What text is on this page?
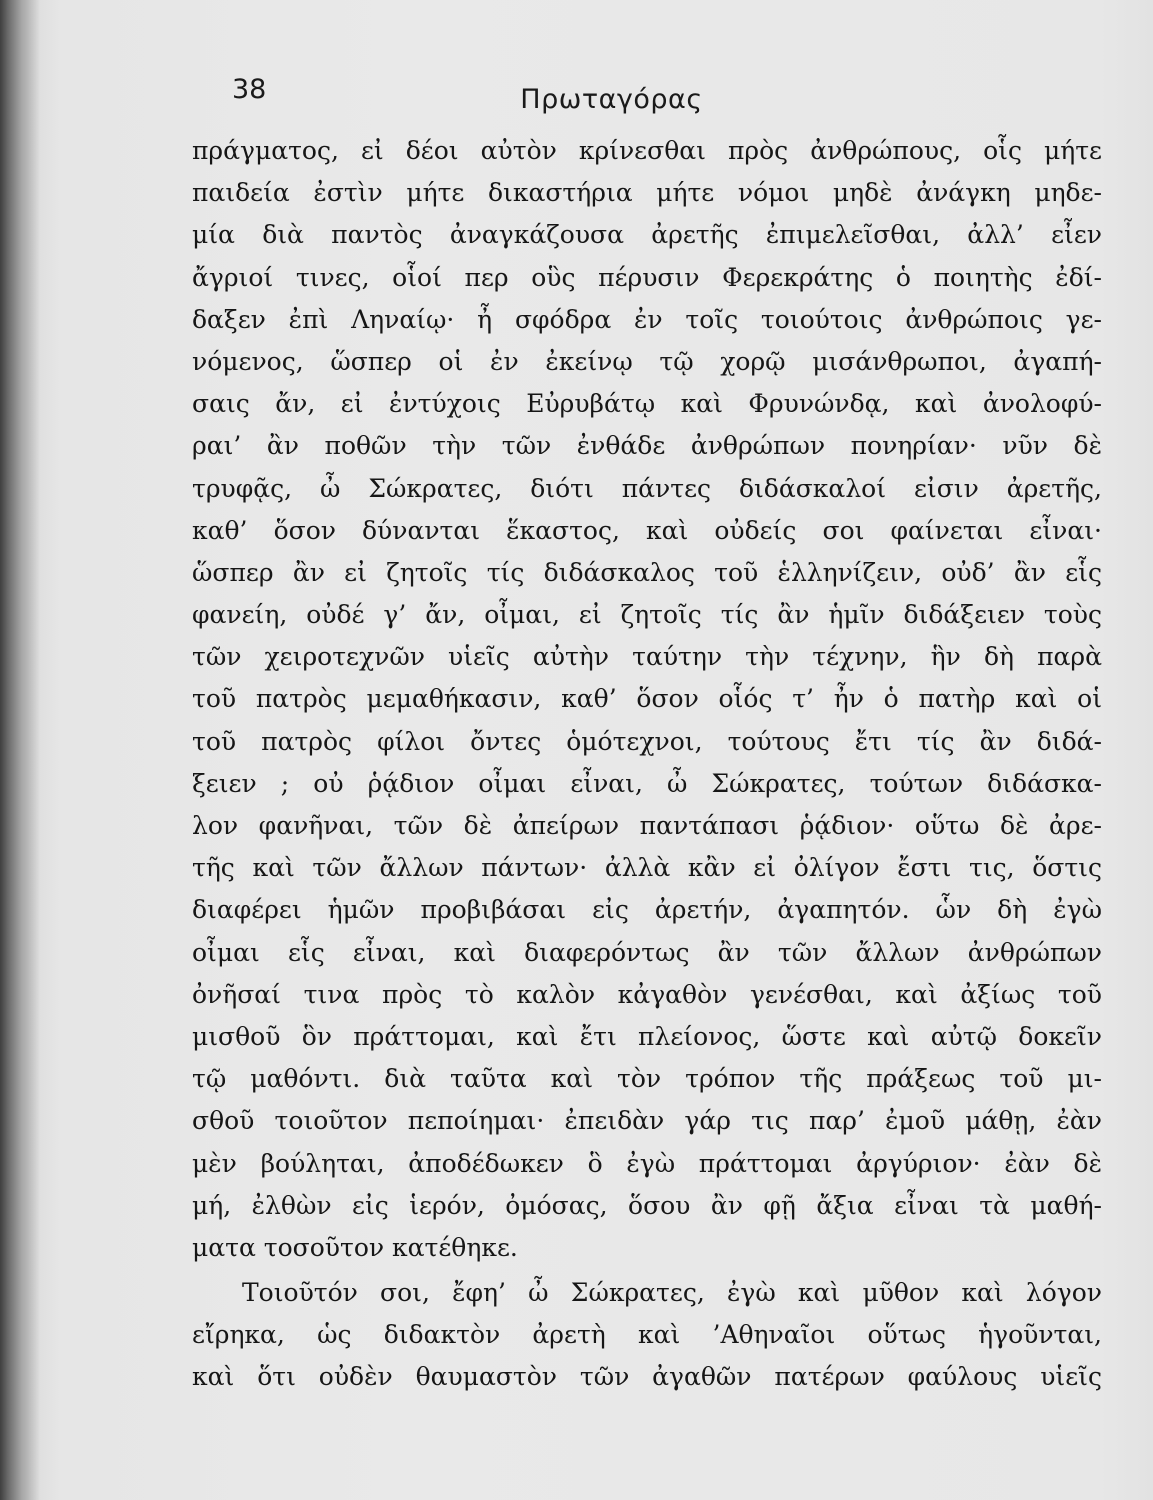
38	Πρωταγόρας
πράγματος, εἰ δέοι αὐτὸν κρίνεσθαι πρὸς ἀνθρώπους, οἷς μήτε
παιδεία ἐστὶν μήτε δικαστήρια μήτε νόμοι μηδὲ ἀνάγκη μηδε-
μία διὰ παντὸς ἀναγκάζουσα ἀρετῆς ἐπιμελεῖσθαι, ἀλλ’ εἶεν
ἄγριοί τινες, οἷοί περ οὓς πέρυσιν Φερεκράτης ὁ ποιητὴς ἐδί-
δαξεν ἐπὶ Ληναίῳ· ἦ σφόδρα ἐν τοῖς τοιούτοις ἀνθρώποις γε-
νόμενος, ὥσπερ οἱ ἐν ἐκείνῳ τῷ χορῷ μισάνθρωποι, ἀγαπή-
σαις ἄν, εἰ ἐντύχοις Εὐρυβάτῳ καὶ Φρυνώνδᾳ, καὶ ἀνολοφύ-
ραι’ ἂν ποθῶν τὴν τῶν ἐνθάδε ἀνθρώπων πονηρίαν· νῦν δὲ
τρυφᾷς, ὦ Σώκρατες, διότι πάντες διδάσκαλοί εἰσιν ἀρετῆς,
καθ’ ὅσον δύνανται ἕκαστος, καὶ οὐδείς σοι φαίνεται εἶναι·
ὥσπερ ἂν εἰ ζητοῖς τίς διδάσκαλος τοῦ ἑλληνίζειν, οὐδ’ ἂν εἷς
φανείη, οὐδέ γ’ ἄν, οἶμαι, εἰ ζητοῖς τίς ἂν ἡμῖν διδάξειεν τοὺς
τῶν χειροτεχνῶν υἱεῖς αὐτὴν ταύτην τὴν τέχνην, ἣν δὴ παρὰ
τοῦ πατρὸς μεμαθήκασιν, καθ’ ὅσον οἷός τ’ ἦν ὁ πατὴρ καὶ οἱ
τοῦ πατρὸς φίλοι ὄντες ὁμότεχνοι, τούτους ἔτι τίς ἂν διδά-
ξειεν ; οὐ ῥᾴδιον οἶμαι εἶναι, ὦ Σώκρατες, τούτων διδάσκα-
λον φανῆναι, τῶν δὲ ἀπείρων παντάπασι ῥᾴδιον· οὕτω δὲ ἀρε-
τῆς καὶ τῶν ἄλλων πάντων· ἀλλὰ κἂν εἰ ὀλίγον ἔστι τις, ὅστις
διαφέρει ἡμῶν προβιβάσαι εἰς ἀρετήν, ἀγαπητόν. ὧν δὴ ἐγὼ
οἶμαι εἷς εἶναι, καὶ διαφερόντως ἂν τῶν ἄλλων ἀνθρώπων
ὀνῆσαί τινα πρὸς τὸ καλὸν κἀγαθὸν γενέσθαι, καὶ ἀξίως τοῦ
μισθοῦ ὃν πράττομαι, καὶ ἔτι πλείονος, ὥστε καὶ αὐτῷ δοκεῖν
τῷ μαθόντι. διὰ ταῦτα καὶ τὸν τρόπον τῆς πράξεως τοῦ μι-
σθοῦ τοιοῦτον πεποίημαι· ἐπειδὰν γάρ τις παρ’ ἐμοῦ μάθῃ, ἐὰν
μὲν βούληται, ἀποδέδωκεν ὃ ἐγὼ πράττομαι ἀργύριον· ἐὰν δὲ
μή, ἐλθὼν εἰς ἱερόν, ὀμόσας, ὅσου ἂν φῇ ἄξια εἶναι τὰ μαθή-
ματα τοσοῦτον κατέθηκε.
Τοιοῦτόν σοι, ἔφη’ ὦ Σώκρατες, ἐγὼ καὶ μῦθον καὶ λόγον
εἴρηκα, ὡς διδακτὸν ἀρετὴ καὶ ’Αθηναῖοι οὕτως ἡγοῦνται,
καὶ ὅτι οὐδὲν θαυμαστὸν τῶν ἀγαθῶν πατέρων φαύλους υἱεῖς
